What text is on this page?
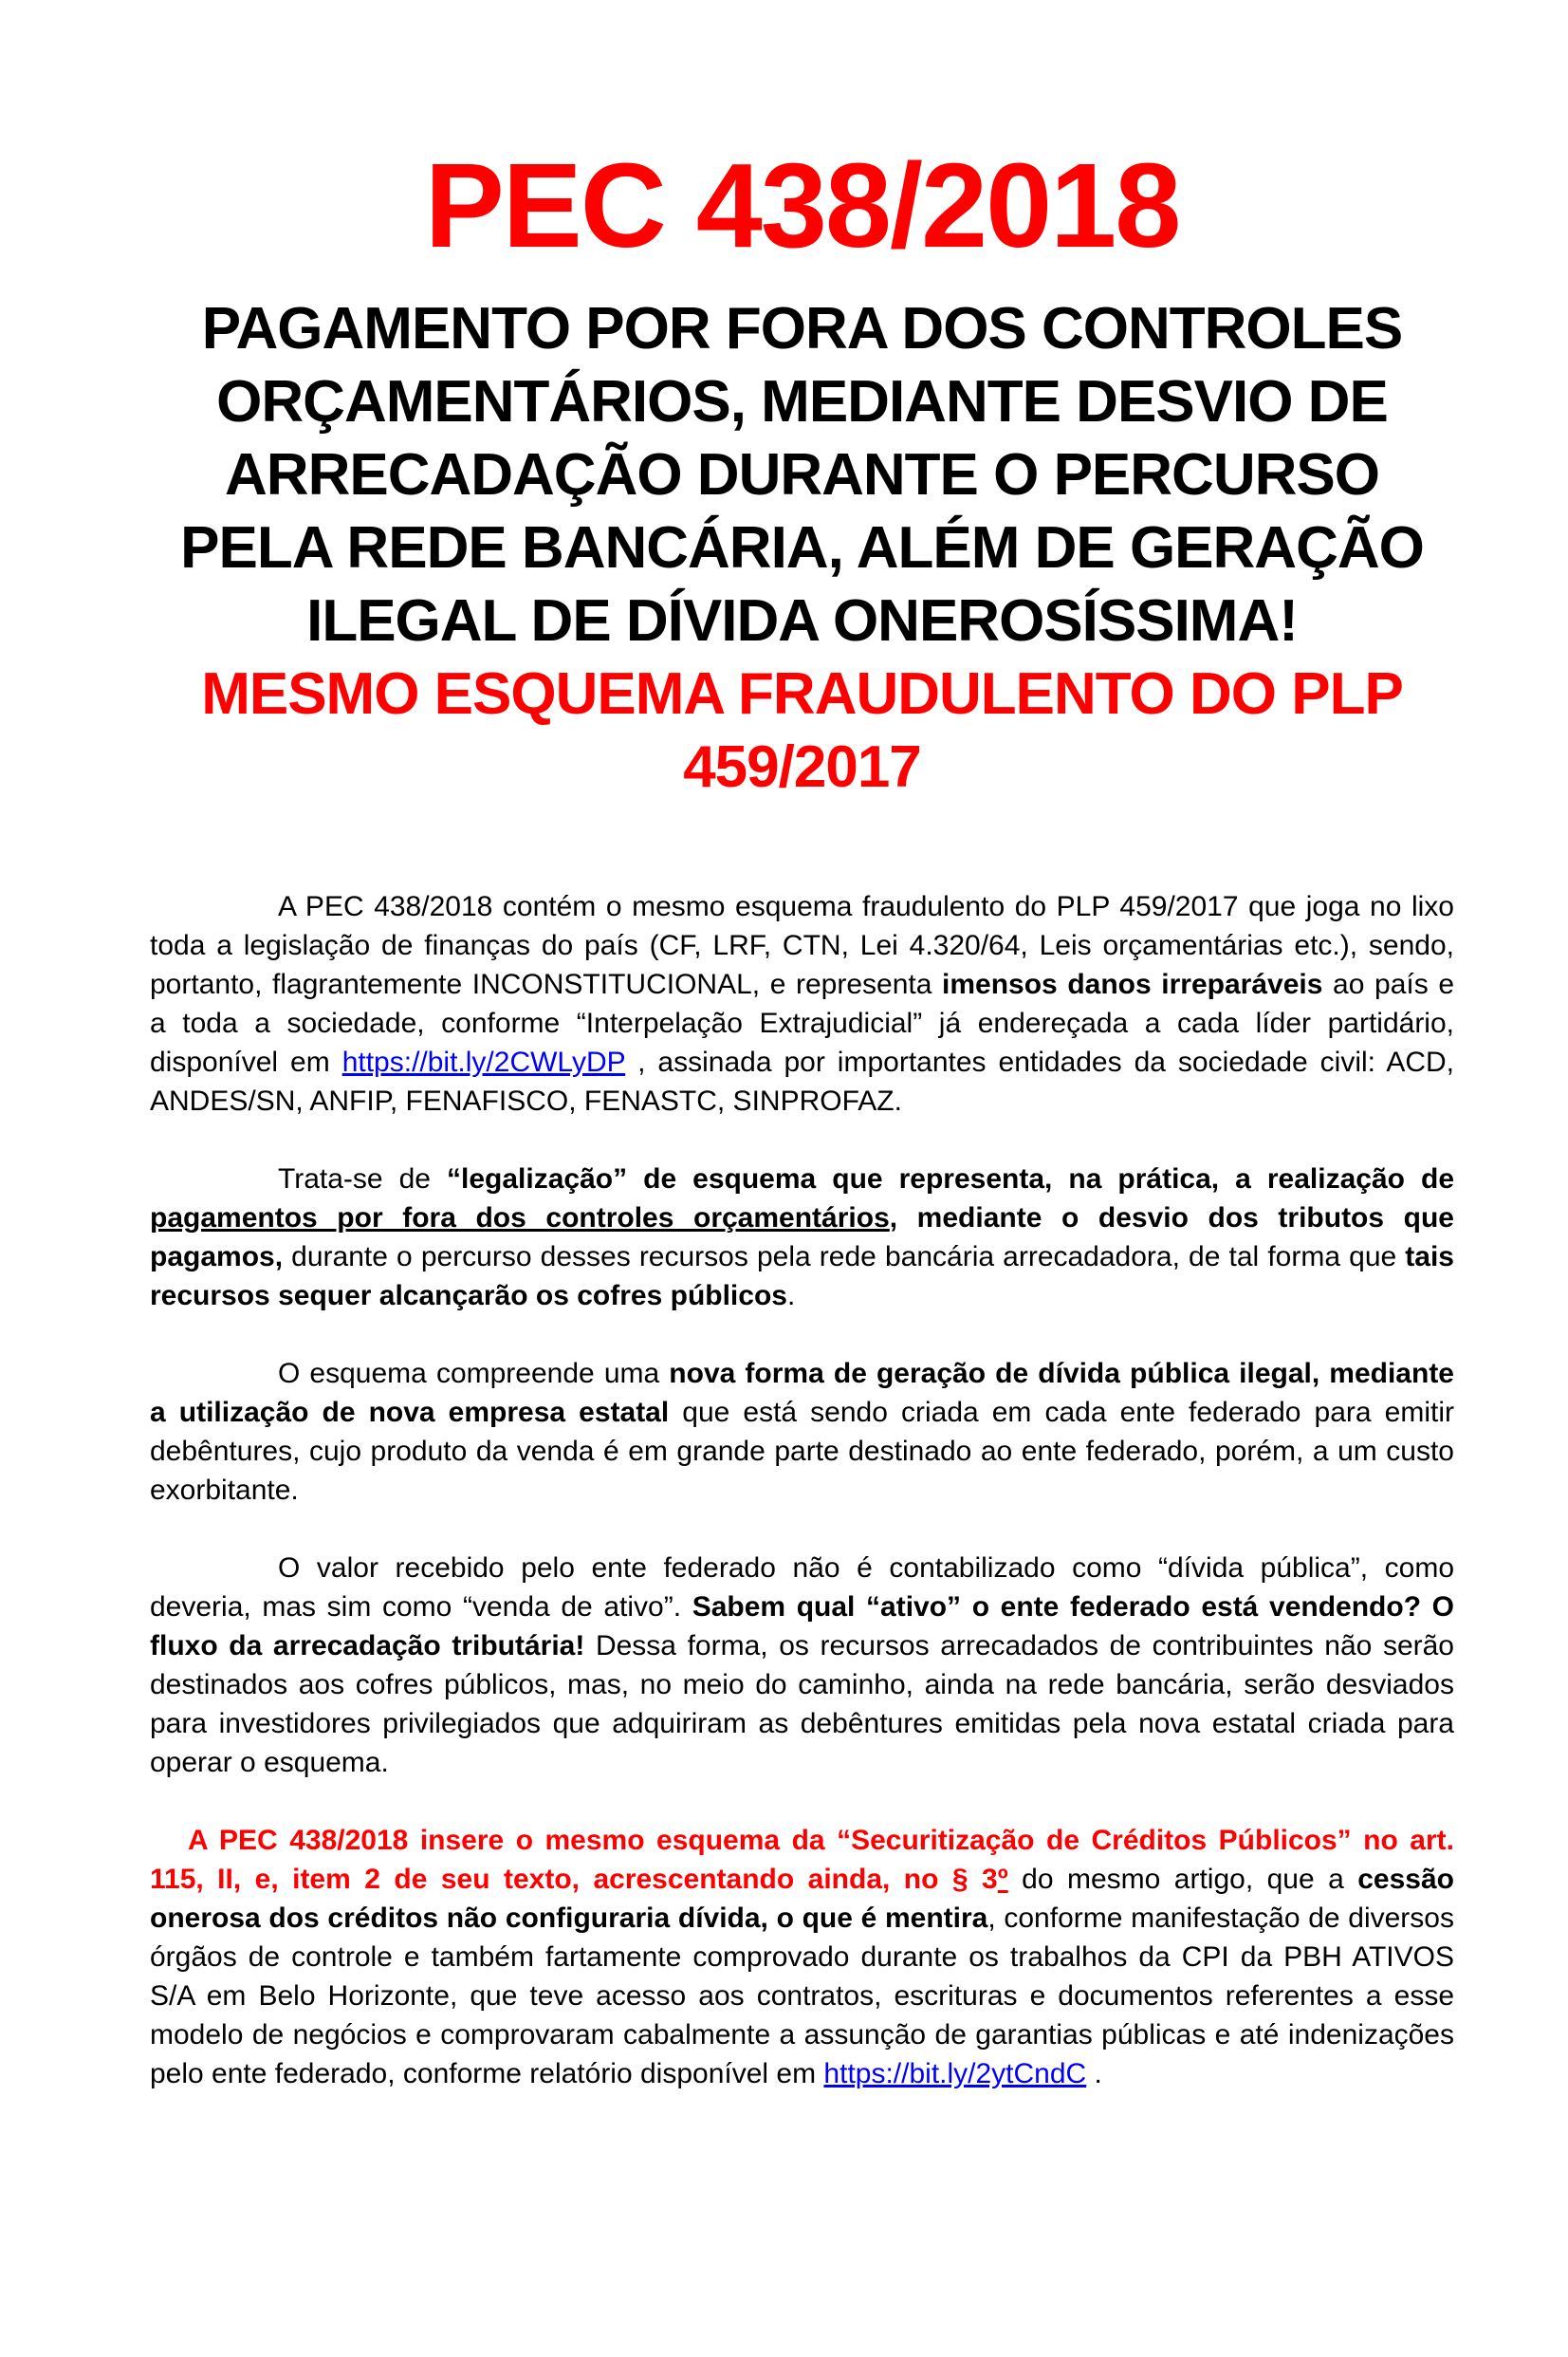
PEC 438/2018
PAGAMENTO POR FORA DOS CONTROLES
ORÇAMENTÁRIOS, MEDIANTE DESVIO DE
ARRECADAÇÃO DURANTE O PERCURSO
PELA REDE BANCÁRIA, ALÉM DE GERAÇÃO
ILEGAL DE DÍVIDA ONEROSÍSSIMA!
MESMO ESQUEMA FRAUDULENTO DO PLP
459/2017

A PEC 438/2018 contém o mesmo esquema fraudulento do PLP 459/2017 que joga no lixo toda a legislação de finanças do país (CF, LRF, CTN, Lei 4.320/64, Leis orçamentárias etc.), sendo, portanto, flagrantemente INCONSTITUCIONAL, e representa imensos danos irreparáveis ao país e a toda a sociedade, conforme “Interpelação Extrajudicial” já endereçada a cada líder partidário, disponível em https://bit.ly/2CWLyDP , assinada por importantes entidades da sociedade civil: ACD, ANDES/SN, ANFIP, FENAFISCO, FENASTC, SINPROFAZ.

Trata-se de “legalização” de esquema que representa, na prática, a realização de pagamentos por fora dos controles orçamentários, mediante o desvio dos tributos que pagamos, durante o percurso desses recursos pela rede bancária arrecadadora, de tal forma que tais recursos sequer alcançarão os cofres públicos.

O esquema compreende uma nova forma de geração de dívida pública ilegal, mediante a utilização de nova empresa estatal que está sendo criada em cada ente federado para emitir debêntures, cujo produto da venda é em grande parte destinado ao ente federado, porém, a um custo exorbitante.

O valor recebido pelo ente federado não é contabilizado como “dívida pública”, como deveria, mas sim como “venda de ativo”. Sabem qual “ativo” o ente federado está vendendo? O fluxo da arrecadação tributária! Dessa forma, os recursos arrecadados de contribuintes não serão destinados aos cofres públicos, mas, no meio do caminho, ainda na rede bancária, serão desviados para investidores privilegiados que adquiriram as debêntures emitidas pela nova estatal criada para operar o esquema.

A PEC 438/2018 insere o mesmo esquema da “Securitização de Créditos Públicos” no art. 115, II, e, item 2 de seu texto, acrescentando ainda, no § 3º do mesmo artigo, que a cessão onerosa dos créditos não configuraria dívida, o que é mentira, conforme manifestação de diversos órgãos de controle e também fartamente comprovado durante os trabalhos da CPI da PBH ATIVOS S/A em Belo Horizonte, que teve acesso aos contratos, escrituras e documentos referentes a esse modelo de negócios e comprovaram cabalmente a assunção de garantias públicas e até indenizações pelo ente federado, conforme relatório disponível em https://bit.ly/2ytCndC .
